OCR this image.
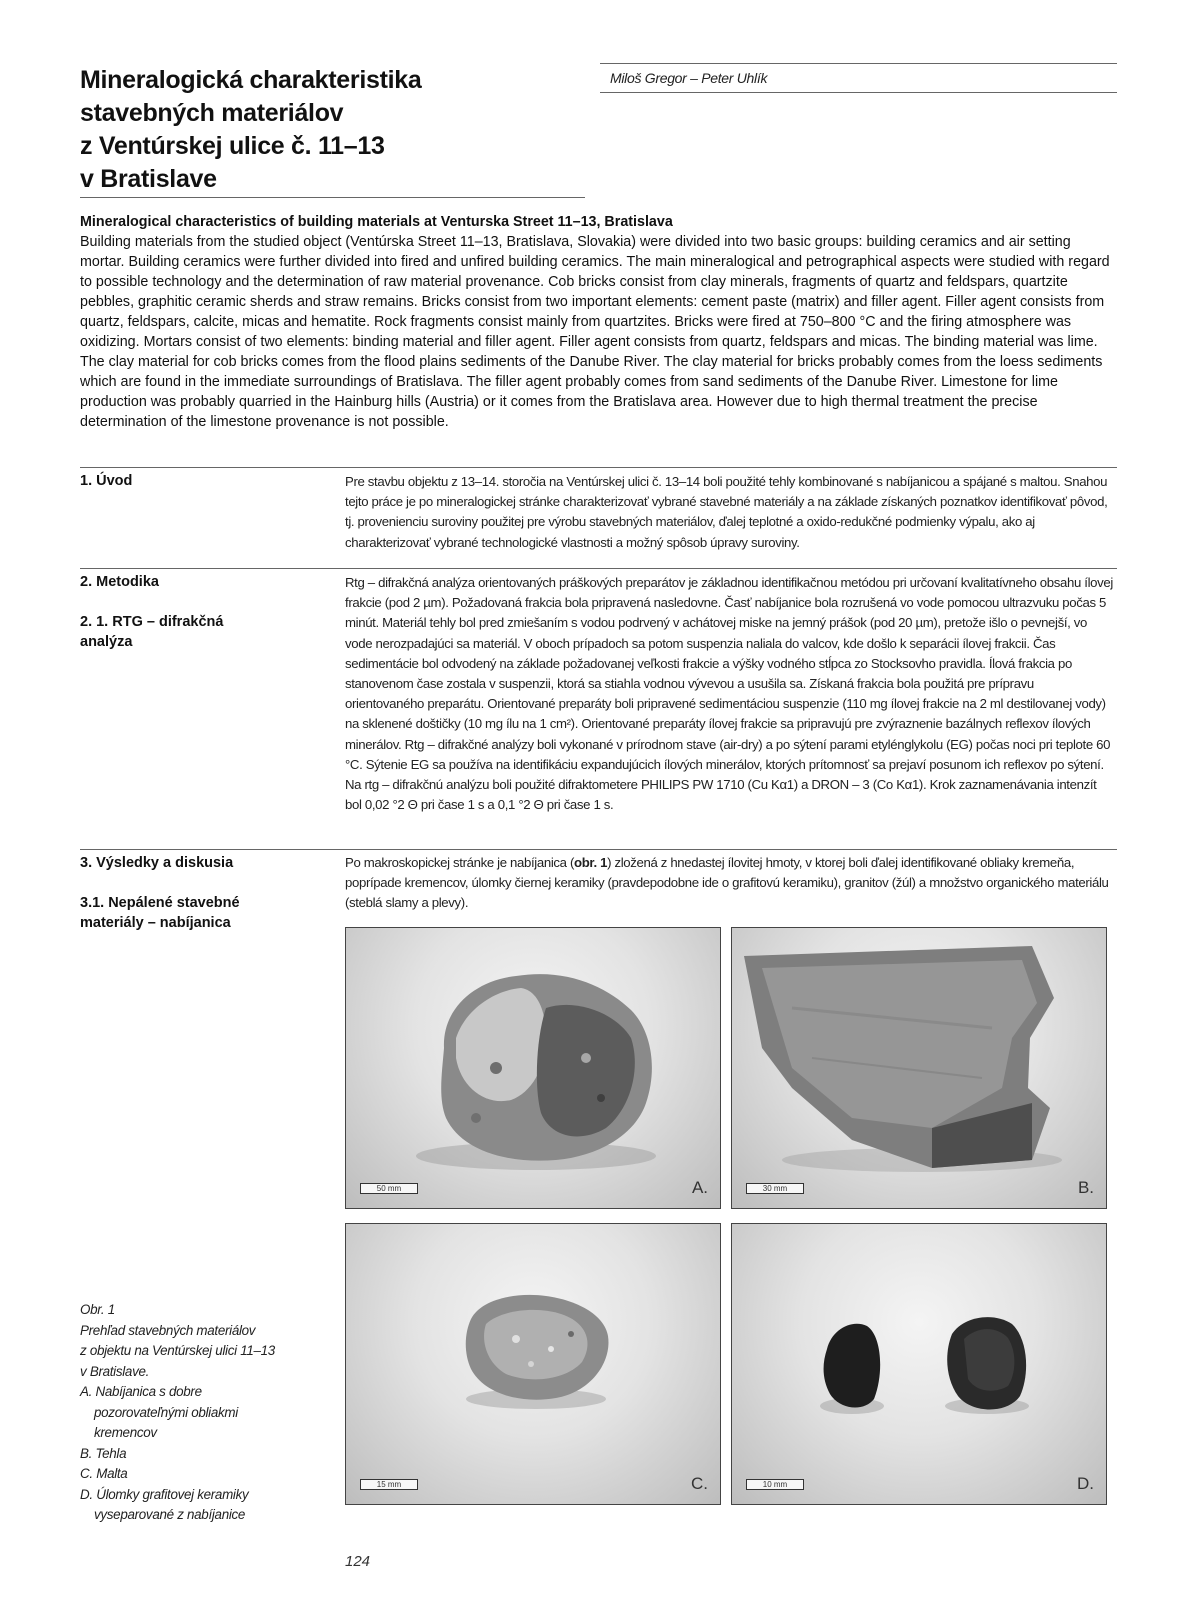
Mineralogická charakteristika
stavebných materiálov
z Ventúrskej ulice č. 11–13
v Bratislave
Miloš Gregor – Peter Uhlík

Mineralogical characteristics of building materials at Venturska Street 11–13, Bratislava

Building materials from the studied object (Ventúrska Street 11–13, Bratislava, Slovakia) were divided into two basic groups: building ceramics and air setting mortar. Building ceramics were further divided into fired and unfired building ceramics. The main mineralogical and petrographical aspects were studied with regard to possible technology and the determination of raw material provenance. Cob bricks consist from clay minerals, fragments of quartz and feldspars, quartzite pebbles, graphitic ceramic sherds and straw remains. Bricks consist from two important elements: cement paste (matrix) and filler agent. Filler agent consists from quartz, feldspars, calcite, micas and hematite. Rock fragments consist mainly from quartzites. Bricks were fired at 750–800 °C and the firing atmosphere was oxidizing. Mortars consist of two elements: binding material and filler agent. Filler agent consists from quartz, feldspars and micas. The binding material was lime. The clay material for cob bricks comes from the flood plains sediments of the Danube River. The clay material for bricks probably comes from the loess sediments which are found in the immediate surroundings of Bratislava. The filler agent probably comes from sand sediments of the Danube River. Limestone for lime production was probably quarried in the Hainburg hills (Austria) or it comes from the Bratislava area. However due to high thermal treatment the precise determination of the limestone provenance is not possible.

1. Úvod	Pre stavbu objektu z 13–14. storočia na Ventúrskej ulici č. 13–14 boli použité tehly kombinované s nabíjanicou a spájané s maltou. Snahou tejto práce je po mineralogickej stránke charakterizovať vybrané stavebné materiály a na základe získaných poznatkov identifikovať pôvod, tj. provenienciu suroviny použitej pre výrobu stavebných materiálov, ďalej teplotné a oxido-redukčné podmienky výpalu, ako aj charakterizovať vybrané technologické vlastnosti a možný spôsob úpravy suroviny.

2. Metodika
2. 1. RTG – difrakčná analýza

Rtg – difrakčná analýza orientovaných práškových preparátov je základnou identifikačnou metódou pri určovaní kvalitatívneho obsahu ílovej frakcie (pod 2 µm). Požadovaná frakcia bola pripravená nasledovne. Časť nabíjanice bola rozrušená vo vode pomocou ultrazvuku počas 5 minút. Materiál tehly bol pred zmiešaním s vodou podrvený v achátovej miske na jemný prášok (pod 20 µm), pretože išlo o pevnejší, vo vode nerozpadajúci sa materiál. V oboch prípadoch sa potom suspenzia naliala do valcov, kde došlo k separácii ílovej frakcii. Čas sedimentácie bol odvodený na základe požadovanej veľkosti frakcie a výšky vodného stĺpca zo Stocksovho pravidla. Ílová frakcia po stanovenom čase zostala v suspenzii, ktorá sa stiahla vodnou vývevou a usušila sa. Získaná frakcia bola použitá pre prípravu orientovaného preparátu. Orientované preparáty boli pripravené sedimentáciou suspenzie (110 mg ílovej frakcie na 2 ml destilovanej vody) na sklenené doštičky (10 mg ílu na 1 cm²). Orientované preparáty ílovej frakcie sa pripravujú pre zvýraznenie bazálnych reflexov ílových minerálov. Rtg – difrakčné analýzy boli vykonané v prírodnom stave (air-dry) a po sýtení parami etylénglykolu (EG) počas noci pri teplote 60 °C. Sýtenie EG sa používa na identifikáciu expandujúcich ílových minerálov, ktorých prítomnosť sa prejaví posunom ich reflexov po sýtení. Na rtg – difrakčnú analýzu boli použité difraktometere PHILIPS PW 1710 (Cu Kα1) a DRON – 3 (Co Kα1). Krok zaznamenávania intenzít bol 0,02 °2 Θ pri čase 1 s a 0,1 °2 Θ pri čase 1 s.

3. Výsledky a diskusia
3.1. Nepálené stavebné materiály – nabíjanica

Po makroskopickej stránke je nabíjanica (obr. 1) zložená z hnedastej ílovitej hmoty, v ktorej boli ďalej identifikované obliaky kremeňa, poprípade kremencov, úlomky čiernej keramiky (pravdepodobne ide o grafitovú keramiku), granitov (žúl) a množstvo organického materiálu (steblá slamy a plevy).

50 mm	A.	30 mm	B.
15 mm	C.	10 mm	D.
Obr. 1
Prehľad stavebných materiálov
z objektu na Ventúrskej ulici 11–13
v Bratislave.
A. Nabíjanica s dobre
pozorovateľnými obliakmi
kremencov
B. Tehla
C. Malta
D. Úlomky grafitovej keramiky
vyseparované z nabíjanice
124
